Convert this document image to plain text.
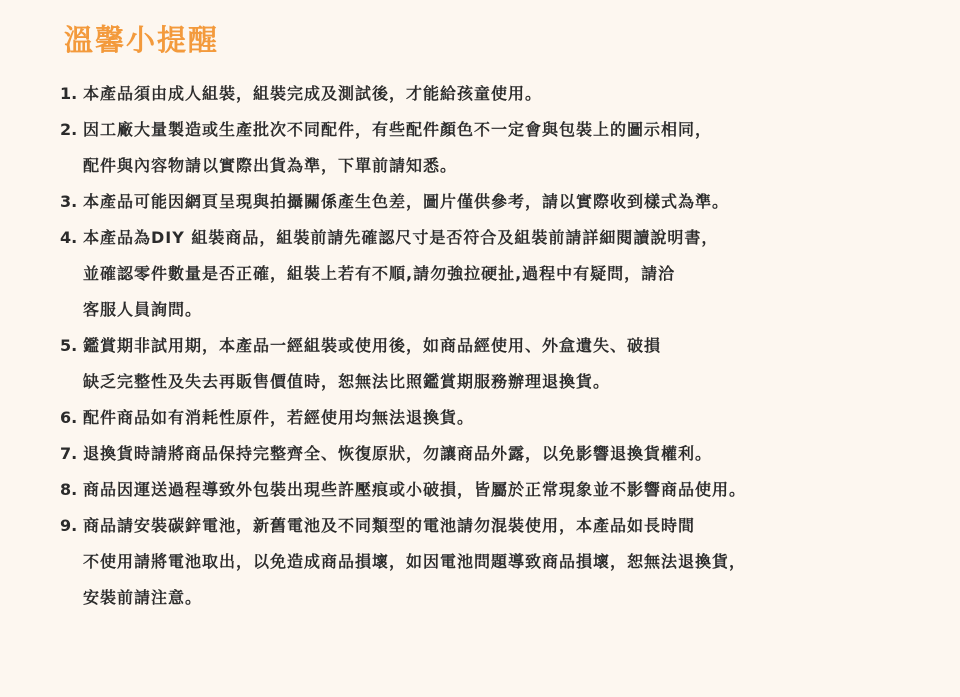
溫馨小提醒
1. 本產品須由成人組裝，組裝完成及測試後，才能給孩童使用。
2. 因工廠大量製造或生產批次不同配件，有些配件顏色不一定會與包裝上的圖示相同，
配件與內容物請以實際出貨為準，下單前請知悉。
3. 本產品可能因網頁呈現與拍攝關係產生色差，圖片僅供參考，請以實際收到樣式為準。
4. 本產品為DIY 組裝商品，組裝前請先確認尺寸是否符合及組裝前請詳細閱讀說明書，
並確認零件數量是否正確，組裝上若有不順,請勿強拉硬扯,過程中有疑問，請洽
客服人員詢問。
5. 鑑賞期非試用期，本產品一經組裝或使用後，如商品經使用、外盒遺失、破損
缺乏完整性及失去再販售價值時，恕無法比照鑑賞期服務辦理退換貨。
6. 配件商品如有消耗性原件，若經使用均無法退換貨。
7. 退換貨時請將商品保持完整齊全、恢復原狀，勿讓商品外露，以免影響退換貨權利。
8. 商品因運送過程導致外包裝出現些許壓痕或小破損，皆屬於正常現象並不影響商品使用。
9. 商品請安裝碳鋅電池，新舊電池及不同類型的電池請勿混裝使用，本產品如長時間
不使用請將電池取出，以免造成商品損壞，如因電池問題導致商品損壞，恕無法退換貨，
安裝前請注意。
